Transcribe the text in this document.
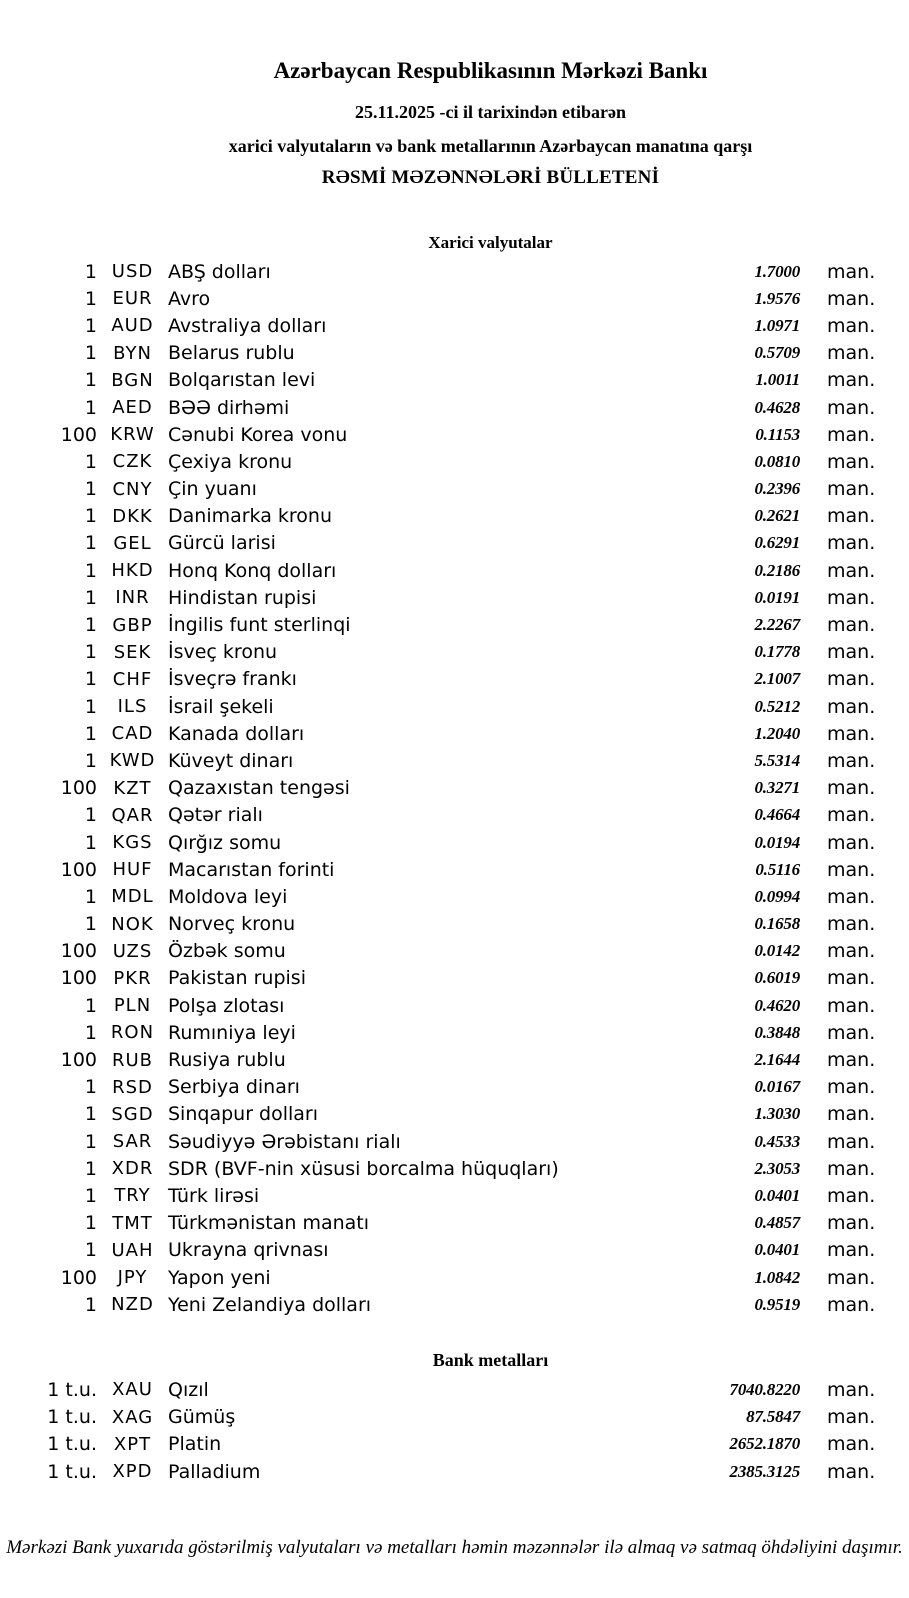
Azərbaycan Respublikasının Mərkəzi Bankı
25.11.2025 -ci il tarixindən etibarən
xarici valyutaların və bank metallarının Azərbaycan manatına qarşı
RƏSMİ MƏZƏNNƏLƏRİ BÜLLETENİ
Xarici valyutalar
1 USD ABŞ dolları	1.7000 man.
1 EUR Avro	1.9576 man.
1 AUD Avstraliya dolları	1.0971 man.
1 BYN Belarus rublu	0.5709 man.
1 BGN Bolqarıstan levi	1.0011 man.
1 AED BƏƏ dirhəmi	0.4628 man.
100 KRW Cənubi Korea vonu	0.1153 man.
1 CZK Çexiya kronu	0.0810 man.
1 CNY Çin yuanı	0.2396 man.
1 DKK Danimarka kronu	0.2621 man.
1 GEL Gürcü larisi	0.6291 man.
1 HKD Honq Konq dolları	0.2186 man.
1	INR Hindistan rupisi	0.0191 man.
1 GBP İngilis funt sterlinqi	2.2267 man.
1 SEK İsveç kronu	0.1778 man.
1 CHF İsveçrə frankı	2.1007 man.
1	ILS	İsrail şekeli	0.5212 man.
1 CAD Kanada dolları	1.2040 man.
1 KWD Küveyt dinarı	5.5314 man.
100 KZT Qazaxıstan tengəsi	0.3271 man.
1 QAR Qətər rialı	0.4664 man.
1 KGS Qırğız somu	0.0194 man.
100 HUF Macarıstan forinti	0.5116 man.
1 MDL Moldova leyi	0.0994 man.
1 NOK Norveç kronu	0.1658 man.
100 UZS Özbək somu	0.0142 man.
100 PKR Pakistan rupisi	0.6019 man.
1 PLN Polşa zlotası	0.4620 man.
1 RON Rumıniya leyi	0.3848 man.
100 RUB Rusiya rublu	2.1644 man.
1 RSD Serbiya dinarı	0.0167 man.
1 SGD Sinqapur dolları	1.3030 man.
1 SAR Səudiyyə Ərəbistanı rialı	0.4533 man.
1 XDR SDR (BVF-nin xüsusi borcalma hüquqları)	2.3053 man.
1 TRY Türk lirəsi	0.0401 man.
1 TMT Türkmənistan manatı	0.4857 man.
1 UAH Ukrayna qrivnası	0.0401 man.
100	JPY	Yapon yeni	1.0842 man.
1 NZD Yeni Zelandiya dolları	0.9519 man.
Bank metalları
1 t.u. XAU Qızıl	7040.8220 man.
1 t.u. XAG Gümüş	87.5847 man.
1 t.u. XPT Platin	2652.1870 man.
1 t.u. XPD Palladium	2385.3125 man.
Mərkəzi Bank yuxarıda göstərilmiş valyutaları və metalları həmin məzənnələr ilə almaq və satmaq öhdəliyini daşımır.
